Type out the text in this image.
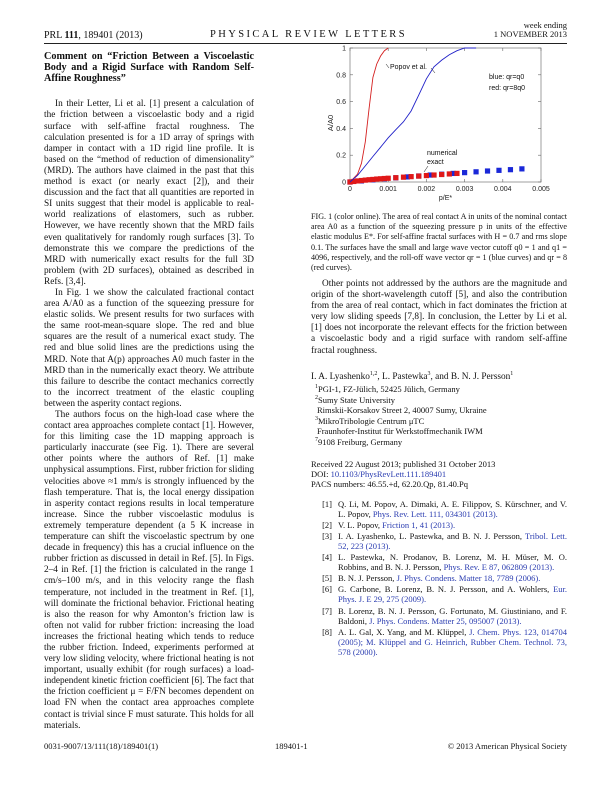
PRL 111, 189401 (2013)	PHYSICAL REVIEW LETTERS
week ending
1 NOVEMBER 2013
Comment on “Friction Between a Viscoelastic Body and a Rigid Surface with Random Self-Affine Roughness”

In their Letter, Li et al. [1] present a calculation of the friction between a viscoelastic body and a rigid surface with self-affine fractal roughness. The calculation presented is for a 1D array of springs with damper in contact with a 1D rigid line profile. It is based on the “method of reduction of dimensionality” (MRD). The authors have claimed in the past that this method is exact (or nearly exact [2]), and their discussion and the fact that all quantities are reported in SI units suggest that their model is applicable to real-world realizations of elastomers, such as rubber. However, we have recently shown that the MRD fails even qualitatively for randomly rough surfaces [3]. To demonstrate this we compare the predictions of the MRD with numerically exact results for the full 3D problem (with 2D surfaces), obtained as described in Refs. [3,4].

In Fig. 1 we show the calculated fractional contact area A/A0 as a function of the squeezing pressure for elastic solids. We present results for two surfaces with the same root-mean-square slope. The red and blue squares are the result of a numerical exact study. The red and blue solid lines are the predictions using the MRD. Note that A(p) approaches A0 much faster in the MRD than in the numerically exact theory. We attribute this failure to describe the contact mechanics correctly to the incorrect treatment of the elastic coupling between the asperity contact regions.

The authors focus on the high-load case where the contact area approaches complete contact [1]. However, for this limiting case the 1D mapping approach is particularly inaccurate (see Fig. 1). There are several other points where the authors of Ref. [1] make unphysical assumptions. First, rubber friction for sliding velocities above ≈1 mm/s is strongly influenced by the flash temperature. That is, the local energy dissipation in asperity contact regions results in local temperature increase. Since the rubber viscoelastic modulus is extremely temperature dependent (a 5 K increase in temperature can shift the viscoelastic spectrum by one decade in frequency) this has a crucial influence on the rubber friction as discussed in detail in Ref. [5]. In Figs. 2–4 in Ref. [1] the friction is calculated in the range 1 cm/s–100 m/s, and in this velocity range the flash temperature, not included in the treatment in Ref. [1], will dominate the frictional behavior. Frictional heating is also the reason for why Amonton’s friction law is often not valid for rubber friction: increasing the load increases the frictional heating which tends to reduce the rubber friction. Indeed, experiments performed at very low sliding velocity, where frictional heating is not important, usually exhibit (for rough surfaces) a load-independent kinetic friction coefficient [6]. The fact that the friction coefficient μ = F/FN becomes dependent on load FN when the contact area approaches complete contact is trivial since F must saturate. This holds for all materials.

0	0.001	0.002	0.003	0.004	0.005
0
0.2
0.4
0.6
0.8
1
p/E*
A/A0
Popov et al.
numerical
exact
blue: qr=q0
red: qr=8q0
FIG. 1 (color online). The area of real contact A in units of the nominal contact area A0 as a function of the squeezing pressure p in units of the effective elastic modulus E*. For self-affine fractal surfaces with H = 0.7 and rms slope 0.1. The surfaces have the small and large wave vector cutoff q0 = 1 and q1 = 4096, respectively, and the roll-off wave vector qr = 1 (blue curves) and qr = 8 (red curves).

Other points not addressed by the authors are the magnitude and origin of the short-wavelength cutoff [5], and also the contribution from the area of real contact, which in fact dominates the friction at very low sliding speeds [7,8]. In conclusion, the Letter by Li et al. [1] does not incorporate the relevant effects for the friction between a viscoelastic body and a rigid surface with random self-affine fractal roughness.

I. A. Lyashenko$^{1,2}$, L. Pastewka$^3$, and B. N. J. Persson$^1$
$^1$PGI-1, FZ-Jülich, 52425 Jülich, Germany
$^2$Sumy State University
Rimskii-Korsakov Street 2, 40007 Sumy, Ukraine
$^3$MikroTribologie Centrum μTC
Fraunhofer-Institut für Werkstoffmechanik IWM
$^7$9108 Freiburg, Germany
Received 22 August 2013; published 31 October 2013
DOI: 10.1103/PhysRevLett.111.189401
PACS numbers: 46.55.+d, 62.20.Qp, 81.40.Pq
[1] Q. Li, M. Popov, A. Dimaki, A. E. Filippov, S. Kürschner, and V. L. Popov, Phys. Rev. Lett. 111, 034301 (2013).
[2] V. L. Popov, Friction 1, 41 (2013).
[3] I. A. Lyashenko, L. Pastewka, and B. N. J. Persson, Tribol. Lett. 52, 223 (2013).
[4] L. Pastewka, N. Prodanov, B. Lorenz, M. H. Müser, M. O. Robbins, and B. N. J. Persson, Phys. Rev. E 87, 062809 (2013).
[5] B. N. J. Persson, J. Phys. Condens. Matter 18, 7789 (2006).
[6] G. Carbone, B. Lorenz, B. N. J. Persson, and A. Wohlers, Eur. Phys. J. E 29, 275 (2009).
[7] B. Lorenz, B. N. J. Persson, G. Fortunato, M. Giustiniano, and F. Baldoni, J. Phys. Condens. Matter 25, 095007 (2013).
[8] A. L. Gal, X. Yang, and M. Klüppel, J. Chem. Phys. 123, 014704 (2005); M. Klüppel and G. Heinrich, Rubber Chem. Technol. 73, 578 (2000).
0031-9007/13/111(18)/189401(1)	189401-1	© 2013 American Physical Society
